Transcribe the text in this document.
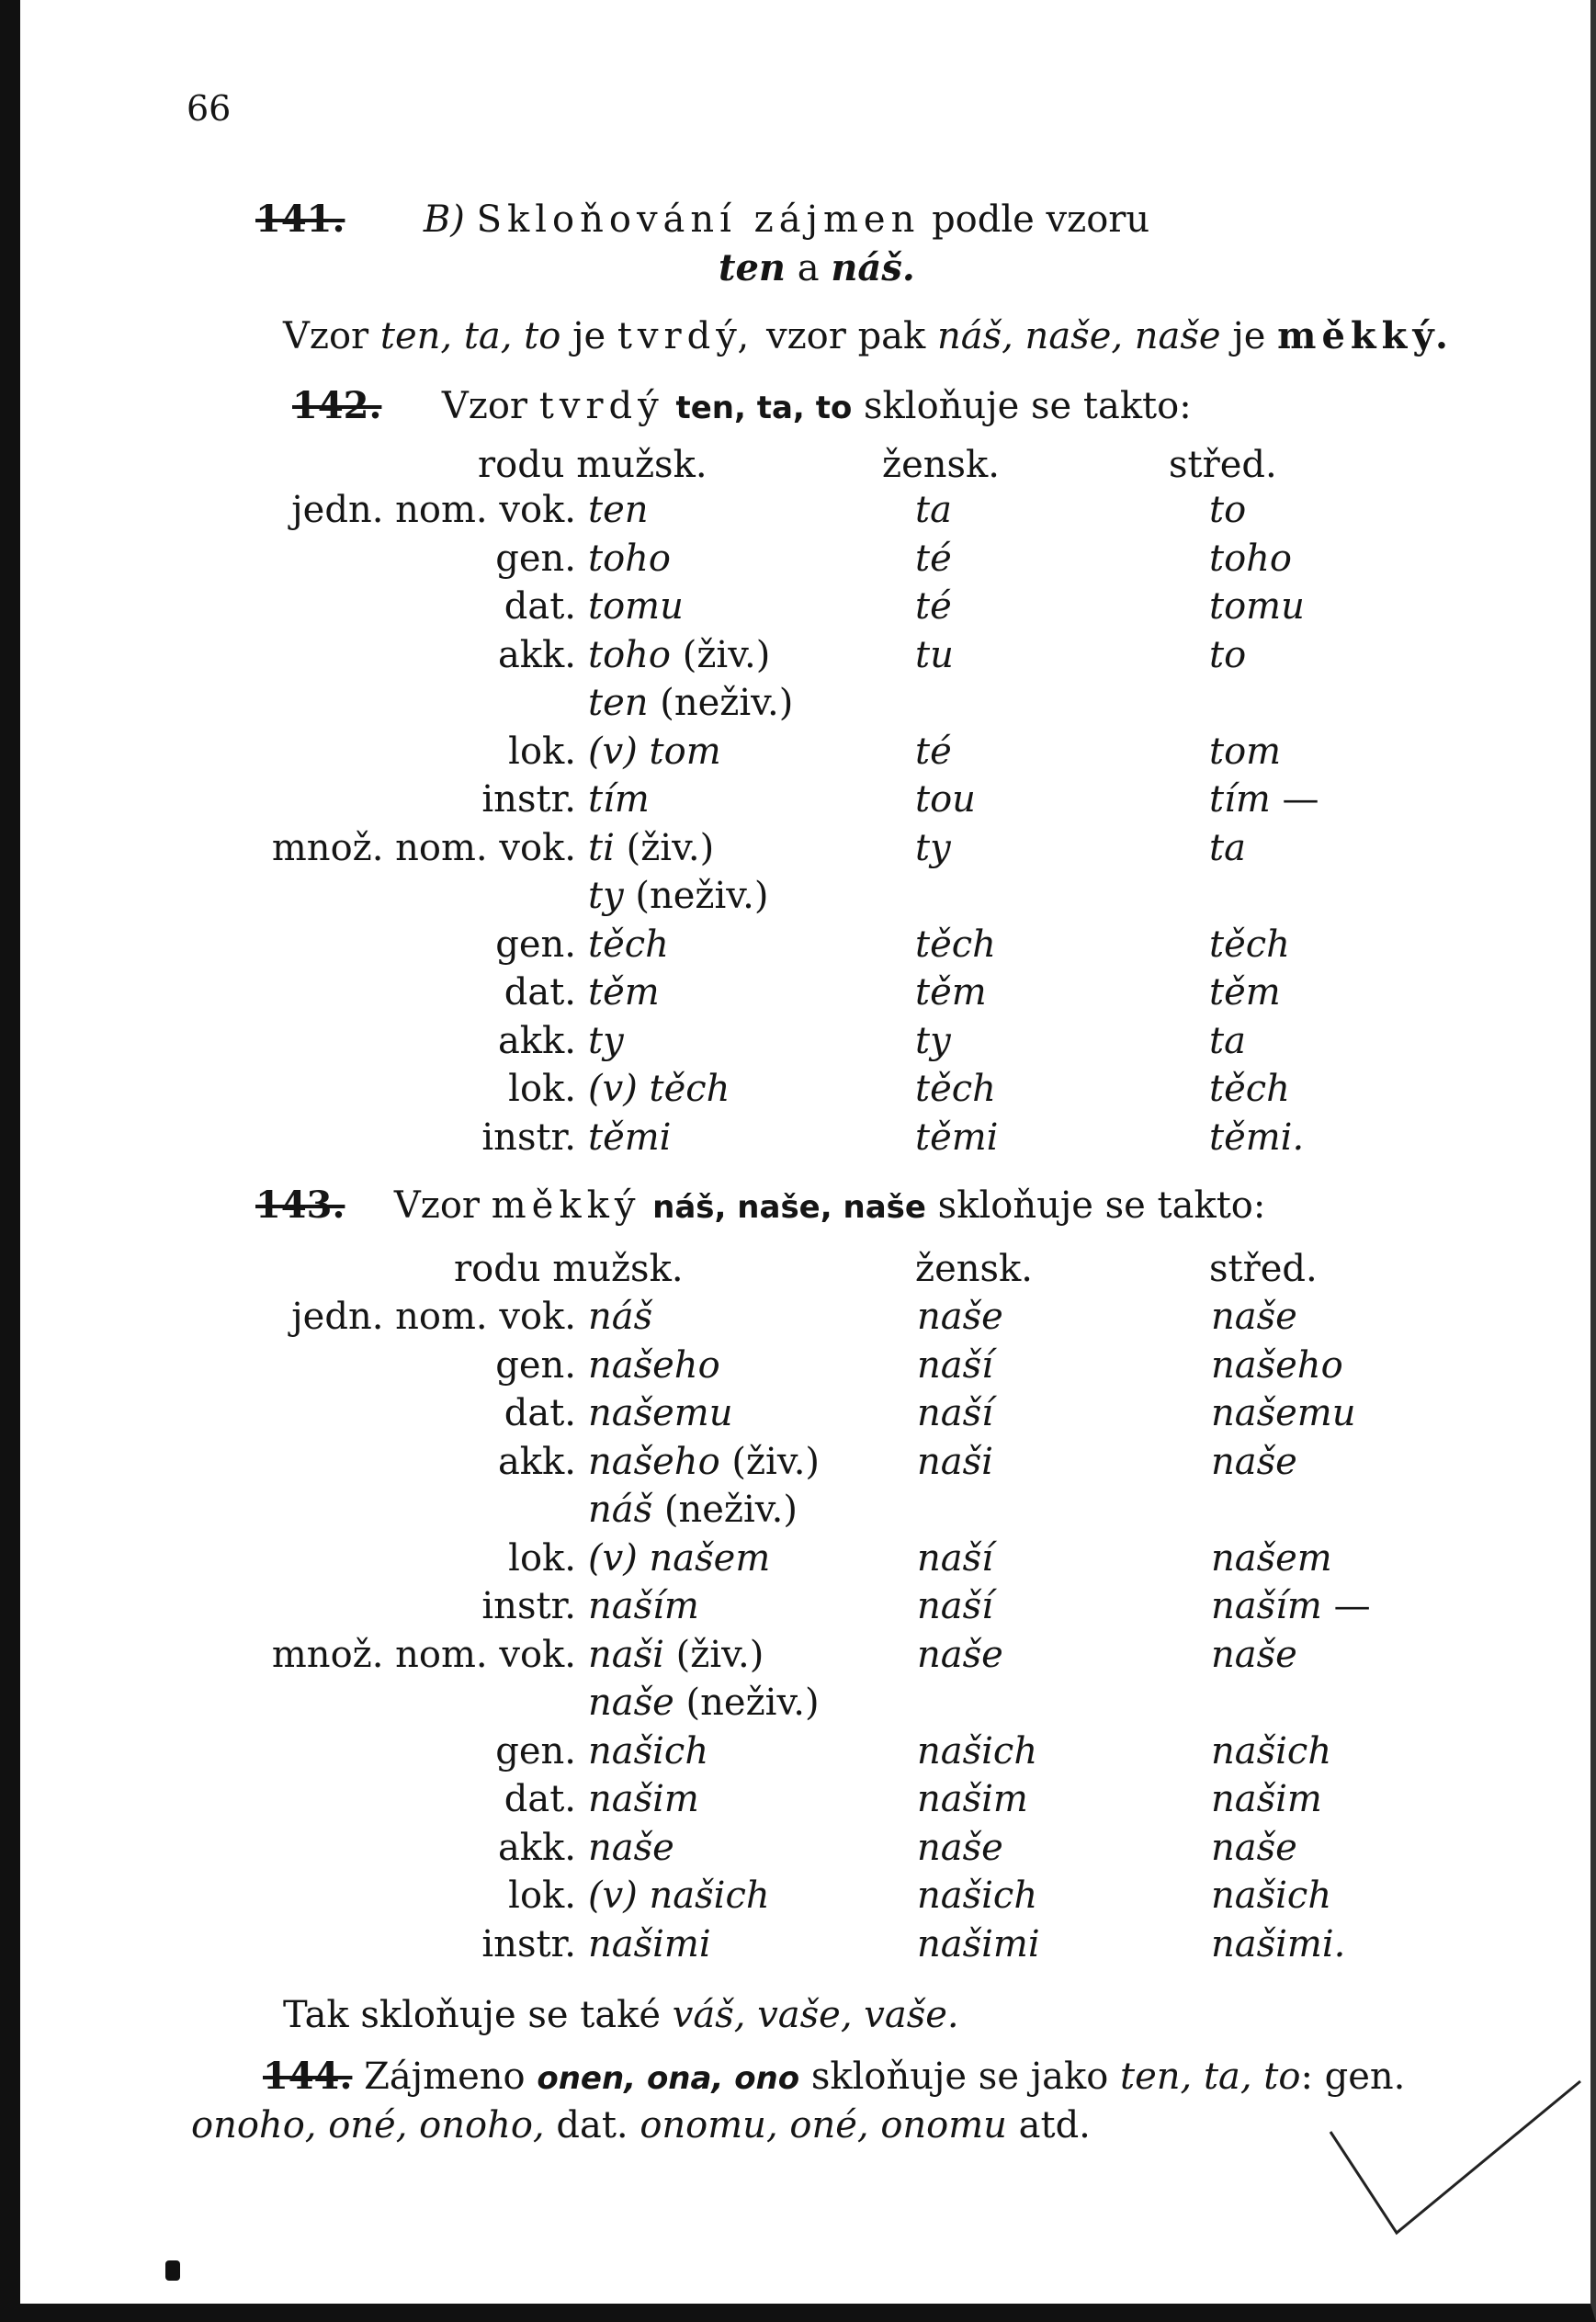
66
141. B) Skloňování zájmen podle vzoru
ten a náš.
Vzor ten, ta, to je tvrdý, vzor pak náš, naše, naše je měkký.
142. Vzor tvrdý ten, ta, to skloňuje se takto:
rodu mužsk.	žensk.	střed.
jedn. nom. vok. ten	ta	to
gen. toho	té	toho
dat. tomu	té	tomu
akk. toho (živ.)	tu	to
ten (neživ.)
lok. (v) tom	té	tom
instr. tím	tou	tím —
množ. nom. vok. ti (živ.)	ty	ta
ty (neživ.)
gen. těch	těch	těch
dat. těm	těm	těm
akk. ty	ty	ta
lok. (v) těch	těch	těch
instr. těmi	těmi	těmi.
143. Vzor měkký náš, naše, naše skloňuje se takto:
rodu mužsk.	žensk.	střed.
jedn. nom. vok. náš	naše	naše
gen. našeho	naší	našeho
dat. našemu	naší	našemu
akk. našeho (živ.)	naši	naše
náš (neživ.)
lok. (v) našem	naší	našem
instr. naším	naší	naším —
množ. nom. vok. naši (živ.)	naše	naše
naše (neživ.)
gen. našich	našich	našich
dat. našim	našim	našim
akk. naše	naše	naše
lok. (v) našich	našich	našich
instr. našimi	našimi	našimi.
Tak skloňuje se také váš, vaše, vaše.
144. Zájmeno onen, ona, ono skloňuje se jako ten, ta, to: gen.
onoho, oné, onoho, dat. onomu, oné, onomu atd.
